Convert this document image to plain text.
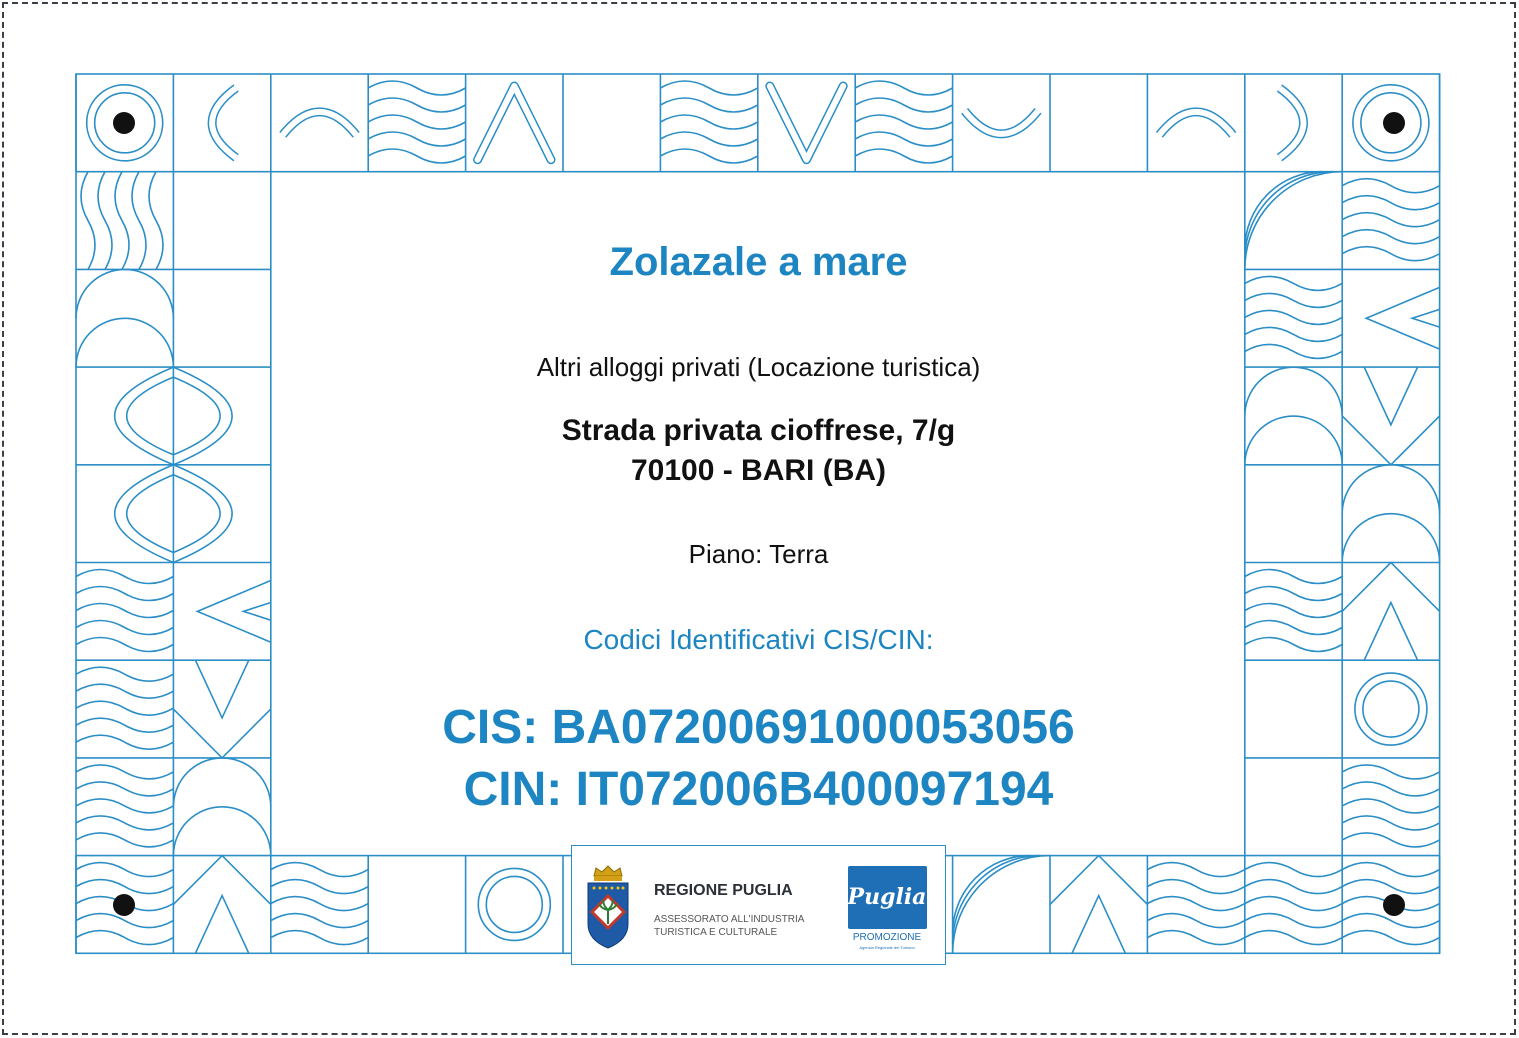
Zolazale a mare

Altri alloggi privati (Locazione turistica)

Strada privata cioffrese, 7/g

70100 - BARI (BA)

Piano: Terra

Codici Identificativi CIS/CIN:

CIS: BA07200691000053056

CIN: IT072006B400097194

REGIONE PUGLIA

ASSESSORATO ALL'INDUSTRIA TURISTICA E CULTURALE

Puglia

PROMOZIONE

Agenzia Regionale del Turismo
